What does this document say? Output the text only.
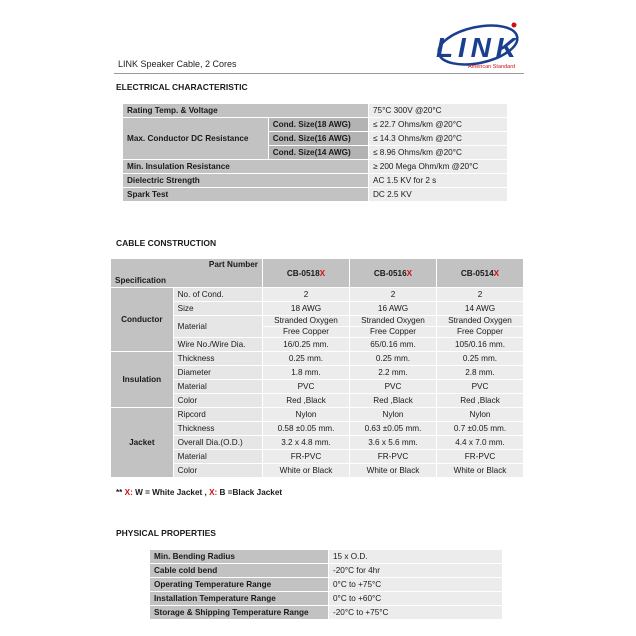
LINK
American Standard
LINK Speaker Cable, 2 Cores
ELECTRICAL CHARACTERISTIC
Rating Temp. & Voltage		75°C 300V @20°C
Max. Conductor DC Resistance	Cond. Size(18 AWG)	≤ 22.7 Ohms/km @20°C
	Cond. Size(16 AWG)	≤ 14.3 Ohms/km @20°C
	Cond. Size(14 AWG)	≤ 8.96 Ohms/km @20°C
Min. Insulation Resistance		≥ 200 Mega Ohm/km @20°C
Dielectric Strength		AC 1.5 KV for 2 s
Spark Test		DC 2.5 KV
CABLE CONSTRUCTION
Part Number
Specification		CB-0518X	CB-0516X	CB-0514X
Conductor	No. of Cond.	2	2	2
	Size	18 AWG	16 AWG	14 AWG
	Material	Stranded Oxygen	Stranded Oxygen	Stranded Oxygen
		Free Copper	Free Copper	Free Copper
	Wire No./Wire Dia.	16/0.25 mm.	65/0.16 mm.	105/0.16 mm.
Insulation	Thickness	0.25 mm.	0.25 mm.	0.25 mm.
	Diameter	1.8 mm.	2.2 mm.	2.8 mm.
	Material	PVC	PVC	PVC
	Color	Red ,Black	Red ,Black	Red ,Black
Jacket	Ripcord	Nylon	Nylon	Nylon
	Thickness	0.58 ±0.05 mm.	0.63 ±0.05 mm.	0.7 ±0.05 mm.
	Overall Dia.(O.D.)	3.2 x 4.8 mm.	3.6 x 5.6 mm.	4.4 x 7.0 mm.
	Material	FR-PVC	FR-PVC	FR-PVC
	Color	White or Black	White or Black	White or Black
** X: W = White Jacket , X: B =Black Jacket
PHYSICAL PROPERTIES
Min. Bending Radius	15 x O.D.
Cable cold bend	-20°C for 4hr
Operating Temperature Range	0°C to +75°C
Installation Temperature Range	0°C to +60°C
Storage & Shipping Temperature Range	-20°C to +75°C
